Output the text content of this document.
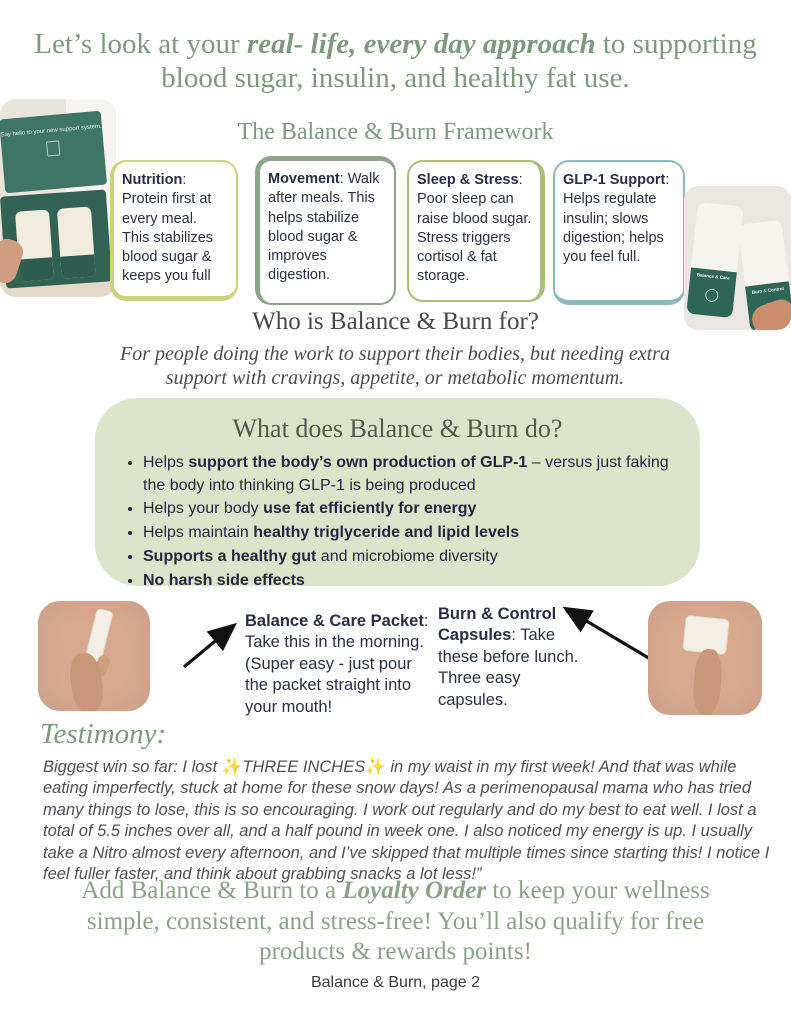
Let’s look at your real- life, every day approach to supporting blood sugar, insulin, and healthy fat use.
Say hello to your new support system.	The Balance & Burn Framework
Nutrition: Protein first at every meal. This stabilizes blood sugar & keeps you full
Movement: Walk after meals. This helps stabilize blood sugar & improves digestion.
Sleep & Stress: Poor sleep can raise blood sugar. Stress triggers cortisol & fat storage.
GLP-1 Support: Helps regulate insulin; slows digestion; helps you feel full.
Balance & Care
Burn & Control
Who is Balance & Burn for?
For people doing the work to support their bodies, but needing extra support with cravings, appetite, or metabolic momentum.
What does Balance & Burn do?
• Helps support the body’s own production of GLP-1 – versus just faking the body into thinking GLP-1 is being produced
• Helps your body use fat efficiently for energy
• Helps maintain healthy triglyceride and lipid levels
• Supports a healthy gut and microbiome diversity
• No harsh side effects
Balance & Care Packet: Take this in the morning. (Super easy - just pour the packet straight into your mouth!
Burn & Control Capsules: Take these before lunch. Three easy capsules.
Testimony:
Biggest win so far: I lost ✨THREE INCHES✨ in my waist in my first week! And that was while eating imperfectly, stuck at home for these snow days! As a perimenopausal mama who has tried many things to lose, this is so encouraging. I work out regularly and do my best to eat well. I lost a total of 5.5 inches over all, and a half pound in week one. I also noticed my energy is up. I usually take a Nitro almost every afternoon, and I’ve skipped that multiple times since starting this! I notice I feel fuller faster, and think about grabbing snacks a lot less!”
Add Balance & Burn to a Loyalty Order to keep your wellness simple, consistent, and stress-free! You’ll also qualify for free products & rewards points!
Balance & Burn, page 2
